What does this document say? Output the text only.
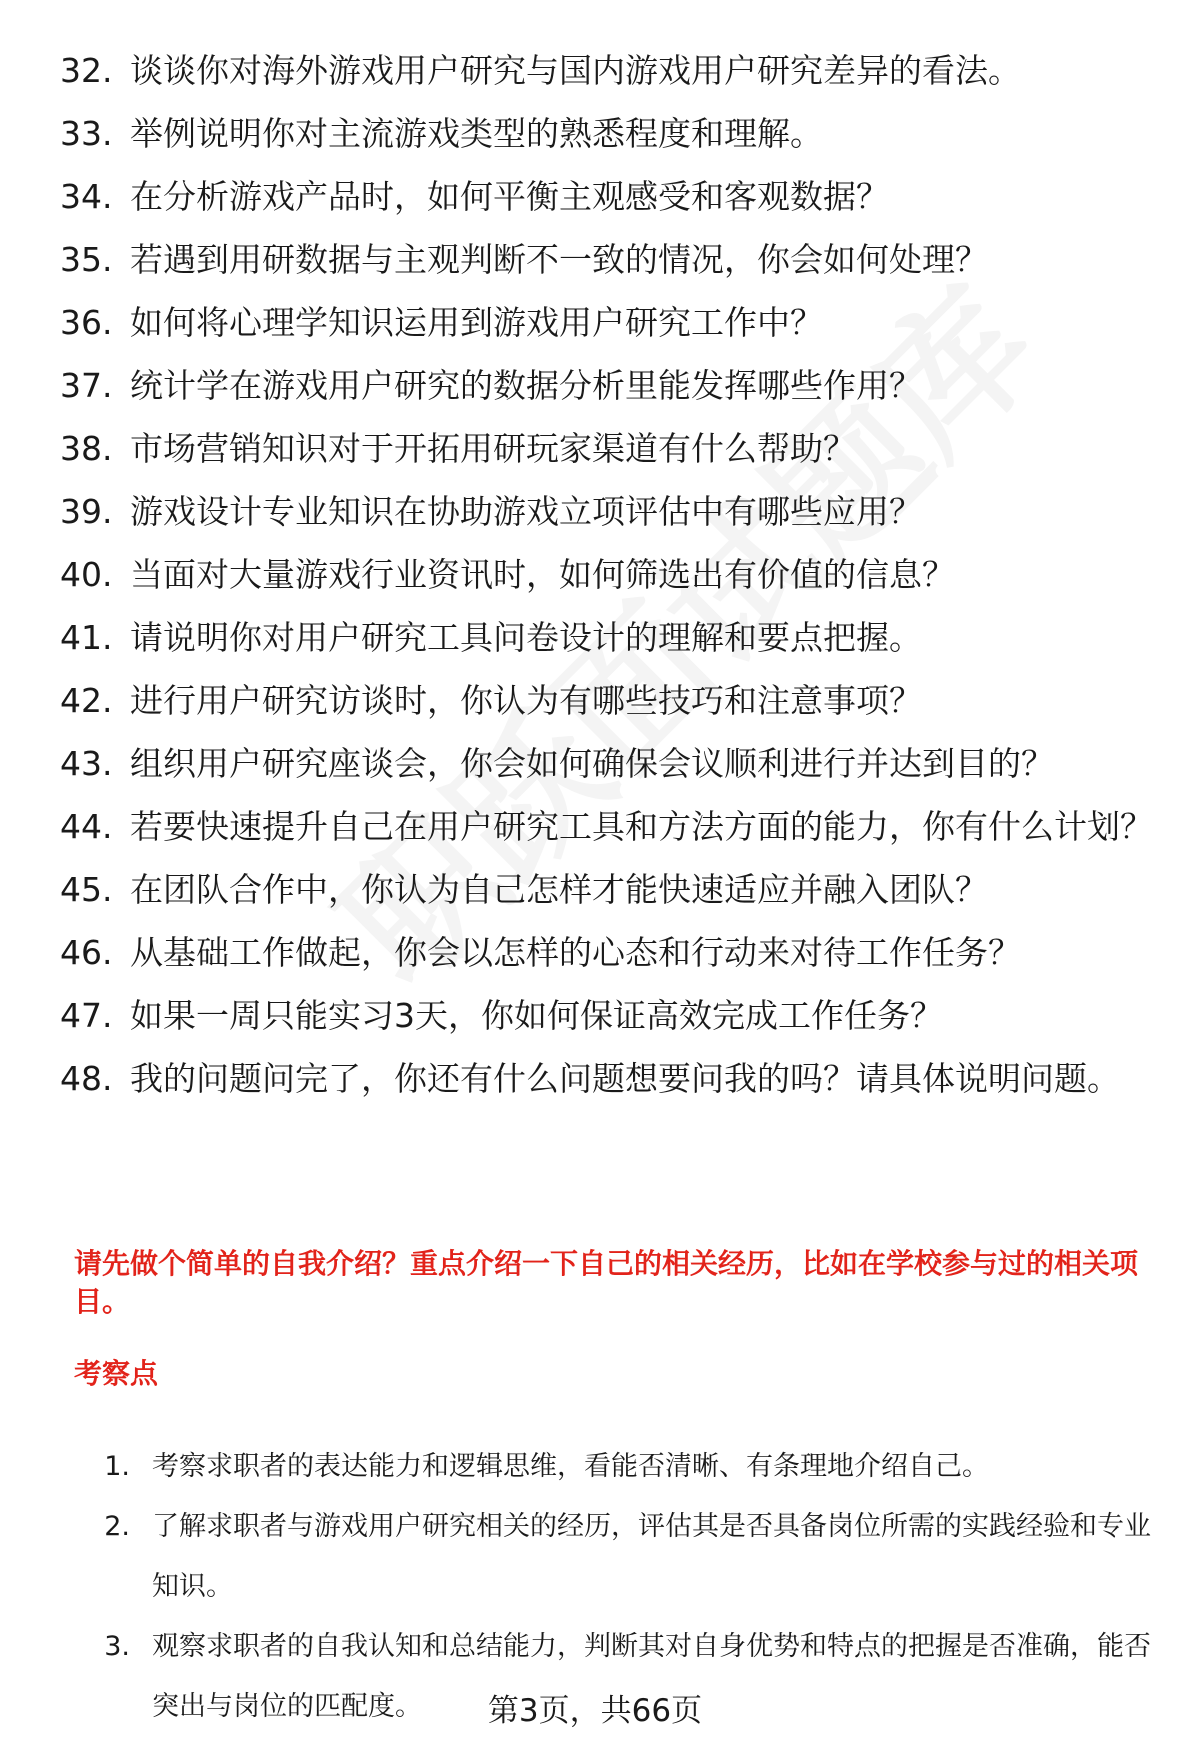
32. 谈谈你对海外游戏用户研究与国内游戏用户研究差异的看法。
33. 举例说明你对主流游戏类型的熟悉程度和理解。
34. 在分析游戏产品时，如何平衡主观感受和客观数据？
35. 若遇到用研数据与主观判断不一致的情况，你会如何处理？
36. 如何将心理学知识运用到游戏用户研究工作中？
37. 统计学在游戏用户研究的数据分析里能发挥哪些作用？
38. 市场营销知识对于开拓用研玩家渠道有什么帮助？
39. 游戏设计专业知识在协助游戏立项评估中有哪些应用？
40. 当面对大量游戏行业资讯时，如何筛选出有价值的信息？
41. 请说明你对用户研究工具问卷设计的理解和要点把握。
42. 进行用户研究访谈时，你认为有哪些技巧和注意事项？
43. 组织用户研究座谈会，你会如何确保会议顺利进行并达到目的？
44. 若要快速提升自己在用户研究工具和方法方面的能力，你有什么计划？
45. 在团队合作中，你认为自己怎样才能快速适应并融入团队？
46. 从基础工作做起，你会以怎样的心态和行动来对待工作任务？
47. 如果一周只能实习3天，你如何保证高效完成工作任务？
48. 我的问题问完了，你还有什么问题想要问我的吗？请具体说明问题。

请先做个简单的自我介绍？重点介绍一下自己的相关经历，比如在学校参与过的相关项目。

考察点

1. 考察求职者的表达能力和逻辑思维，看能否清晰、有条理地介绍自己。
2. 了解求职者与游戏用户研究相关的经历，评估其是否具备岗位所需的实践经验和专业知识。
3. 观察求职者的自我认知和总结能力，判断其对自身优势和特点的把握是否准确，能否突出与岗位的匹配度。	第3页，共66页
